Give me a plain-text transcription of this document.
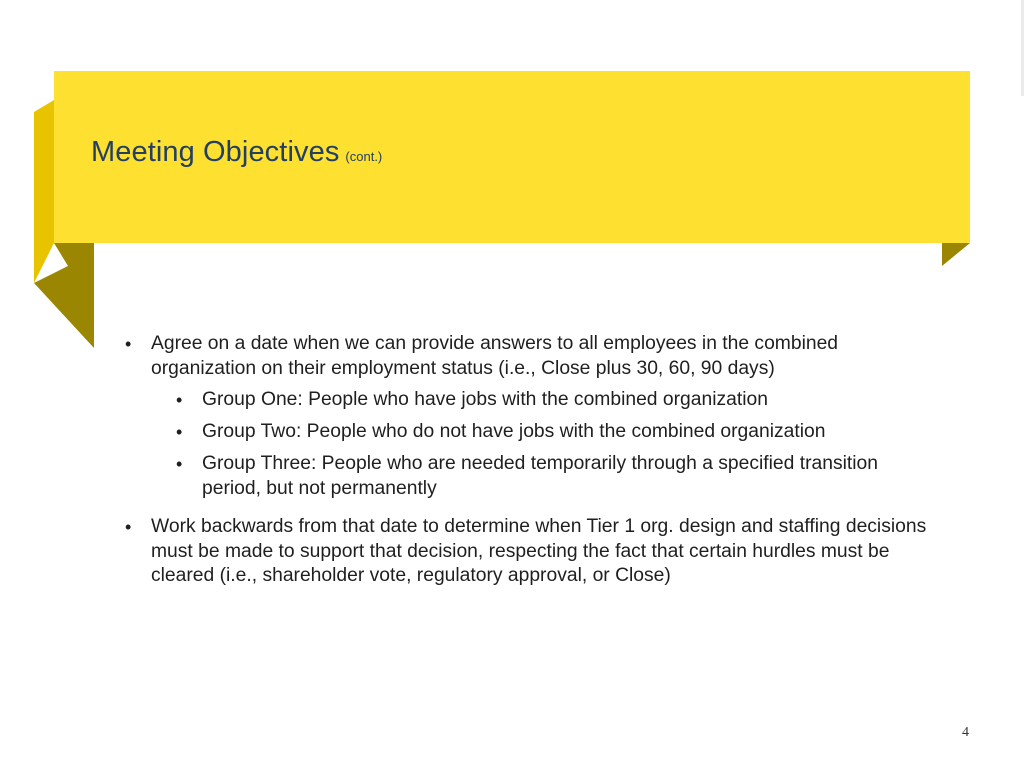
Meeting Objectives (cont.)
• Agree on a date when we can provide answers to all employees in the combined organization on their employment status (i.e., Close plus 30, 60, 90 days)
• Group One: People who have jobs with the combined organization
• Group Two: People who do not have jobs with the combined organization
• Group Three: People who are needed temporarily through a specified transition period, but not permanently
• Work backwards from that date to determine when Tier 1 org. design and staffing decisions must be made to support that decision, respecting the fact that certain hurdles must be cleared (i.e., shareholder vote, regulatory approval, or Close)
4
